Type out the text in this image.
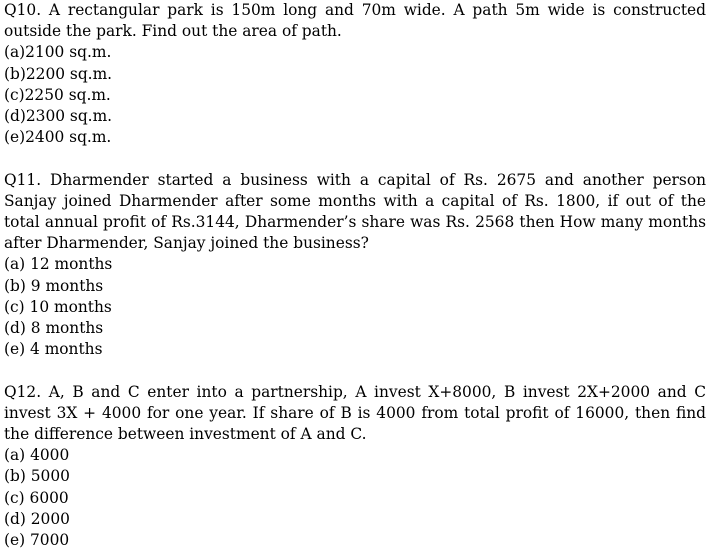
Q10. A rectangular park is 150m long and 70m wide. A path 5m wide is constructed outside the park. Find out the area of path.

(a)2100 sq.m.
(b)2200 sq.m.
(c)2250 sq.m.
(d)2300 sq.m.
(e)2400 sq.m.

Q11. Dharmender started a business with a capital of Rs. 2675 and another person Sanjay joined Dharmender after some months with a capital of Rs. 1800, if out of the total annual profit of Rs.3144, Dharmender’s share was Rs. 2568 then How many months after Dharmender, Sanjay joined the business?

(a) 12 months
(b) 9 months
(c) 10 months
(d) 8 months
(e) 4 months

Q12. A, B and C enter into a partnership, A invest X+8000, B invest 2X+2000 and C invest 3X + 4000 for one year. If share of B is 4000 from total profit of 16000, then find the difference between investment of A and C.

(a) 4000
(b) 5000
(c) 6000
(d) 2000
(e) 7000
